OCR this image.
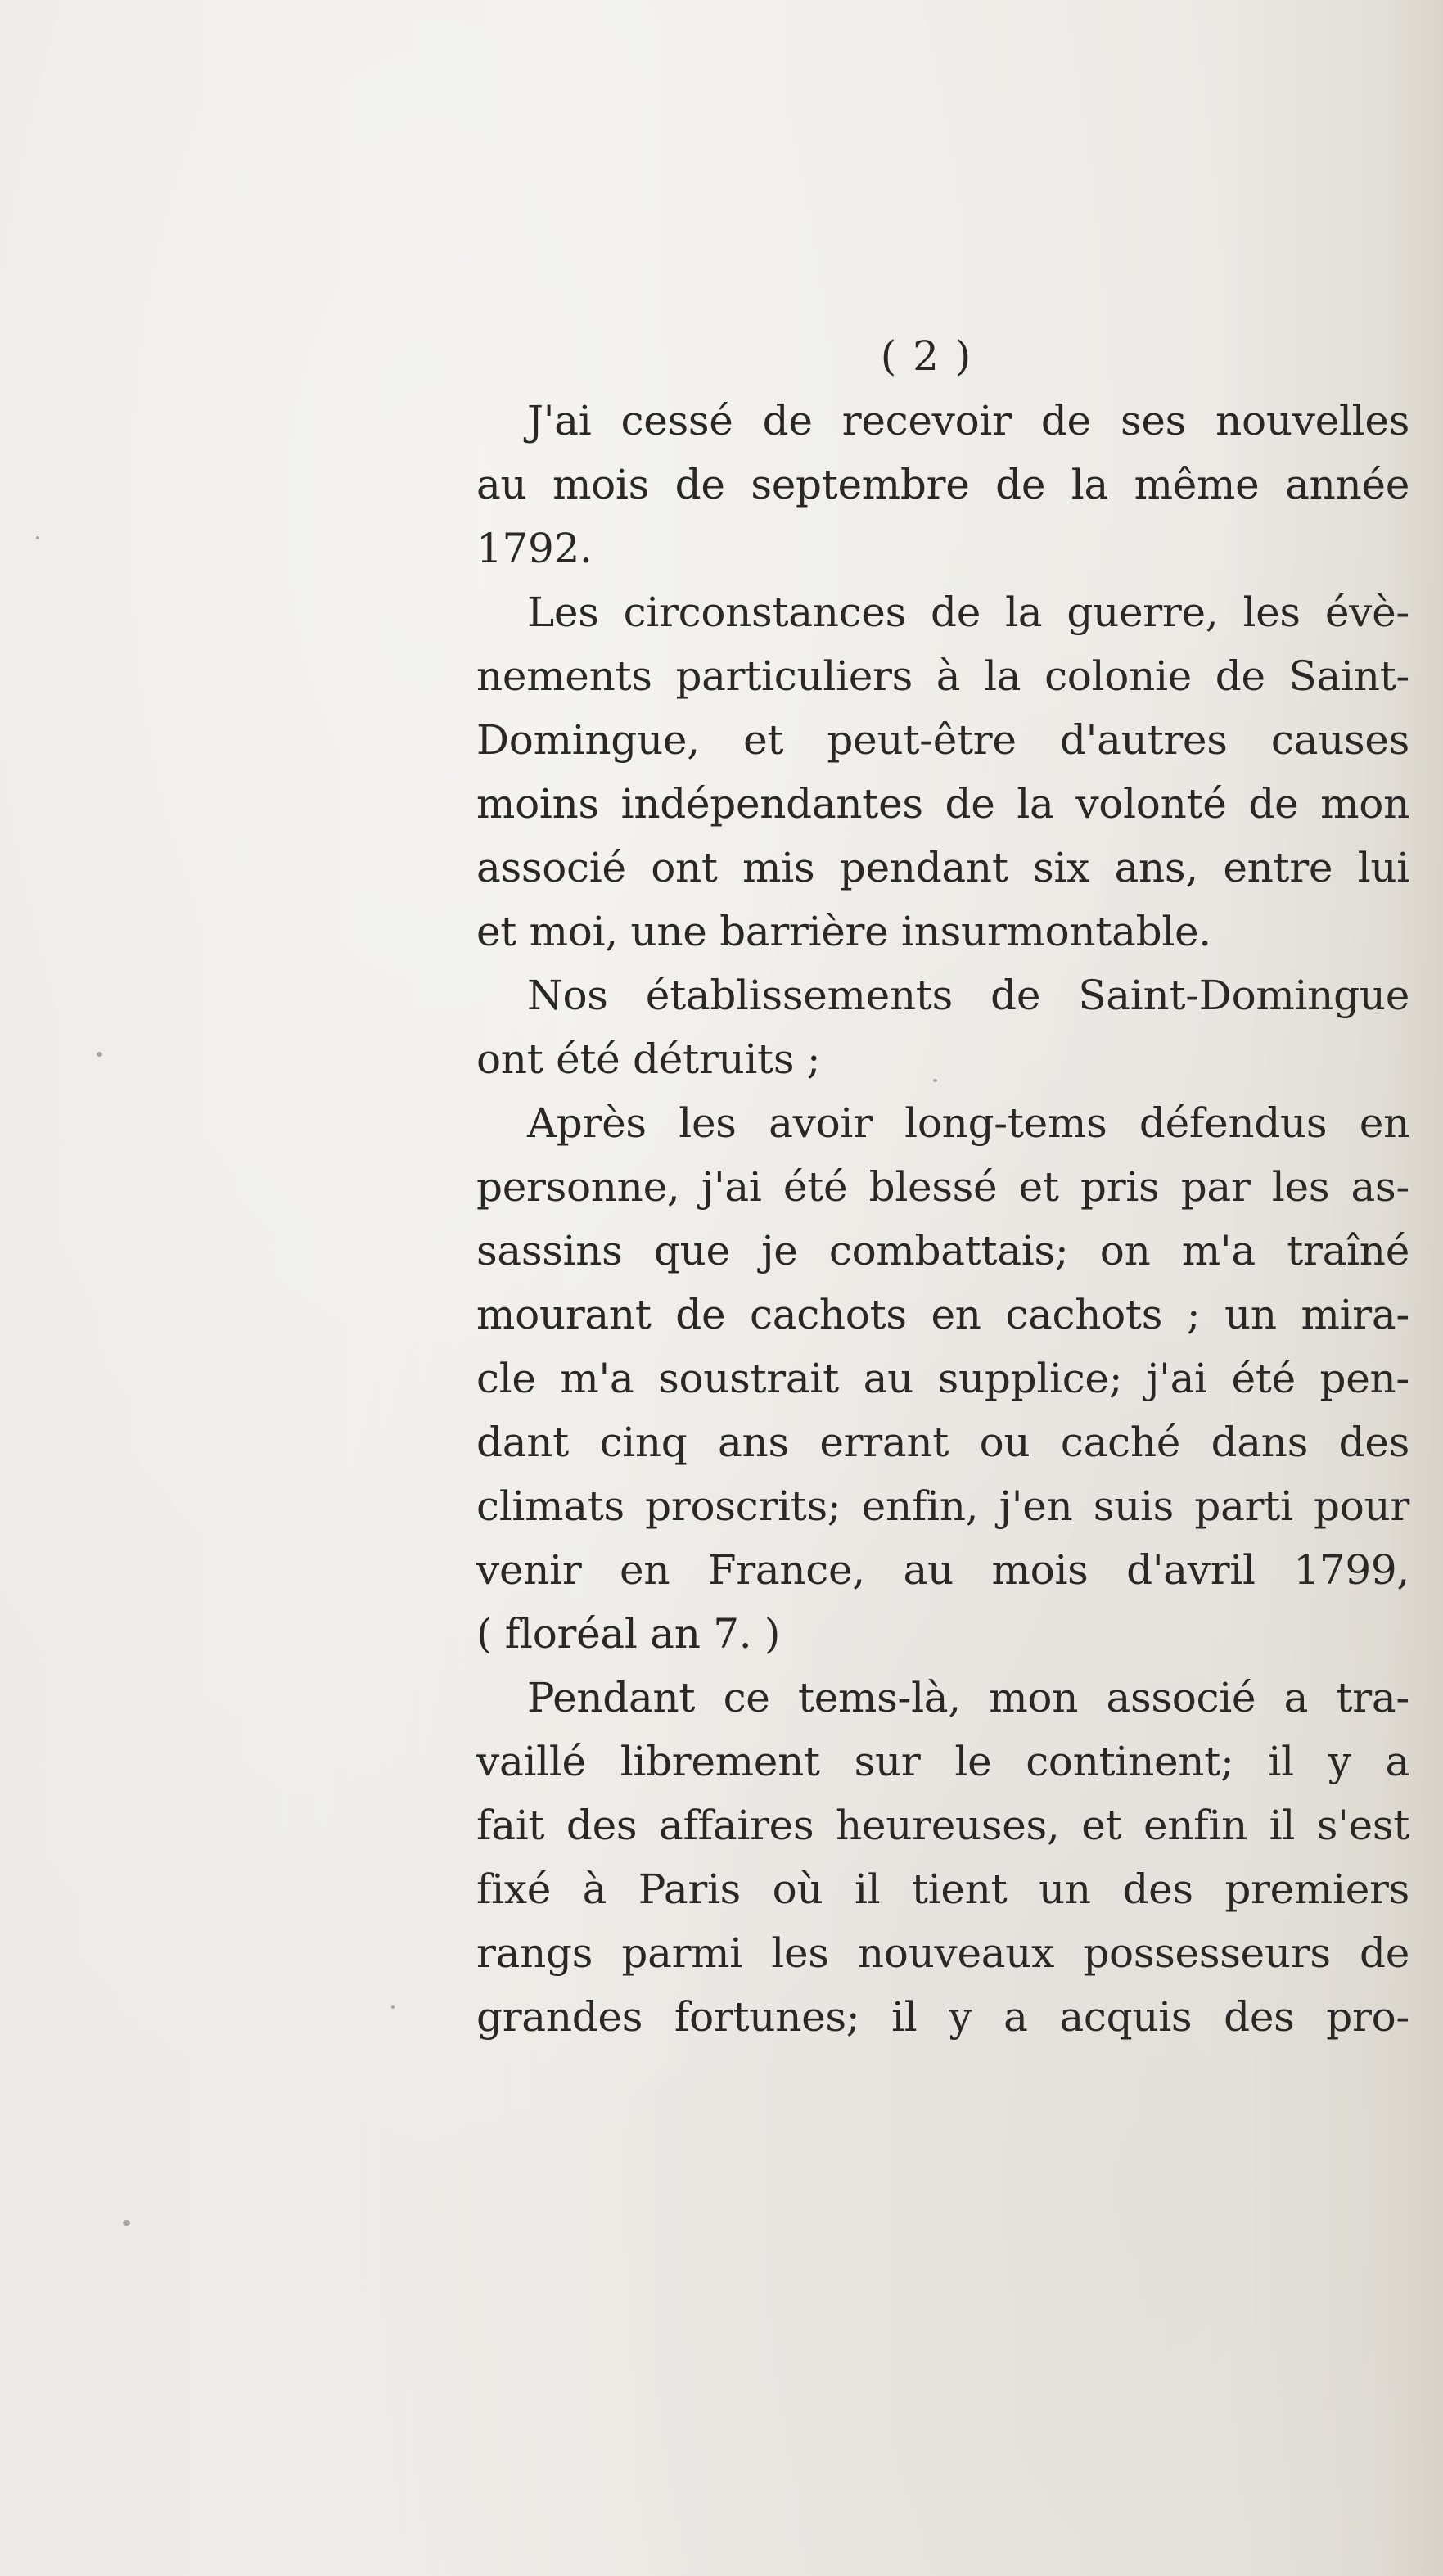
( 2 )
J'ai cessé de recevoir de ses nouvelles
au mois de septembre de la même année
1792.
Les circonstances de la guerre, les évè-
nements particuliers à la colonie de Saint-
Domingue, et peut-être d'autres causes
moins indépendantes de la volonté de mon
associé ont mis pendant six ans, entre lui
et moi, une barrière insurmontable.
Nos établissements de Saint-Domingue
ont été détruits ;
Après les avoir long-tems défendus en
personne, j'ai été blessé et pris par les as-
sassins que je combattais; on m'a traîné
mourant de cachots en cachots ; un mira-
cle m'a soustrait au supplice; j'ai été pen-
dant cinq ans errant ou caché dans des
climats proscrits; enfin, j'en suis parti pour
venir en France, au mois d'avril 1799,
( floréal an 7. )
Pendant ce tems-là, mon associé a tra-
vaillé librement sur le continent; il y a
fait des affaires heureuses, et enfin il s'est
fixé à Paris où il tient un des premiers
rangs parmi les nouveaux possesseurs de
grandes fortunes; il y a acquis des pro-
